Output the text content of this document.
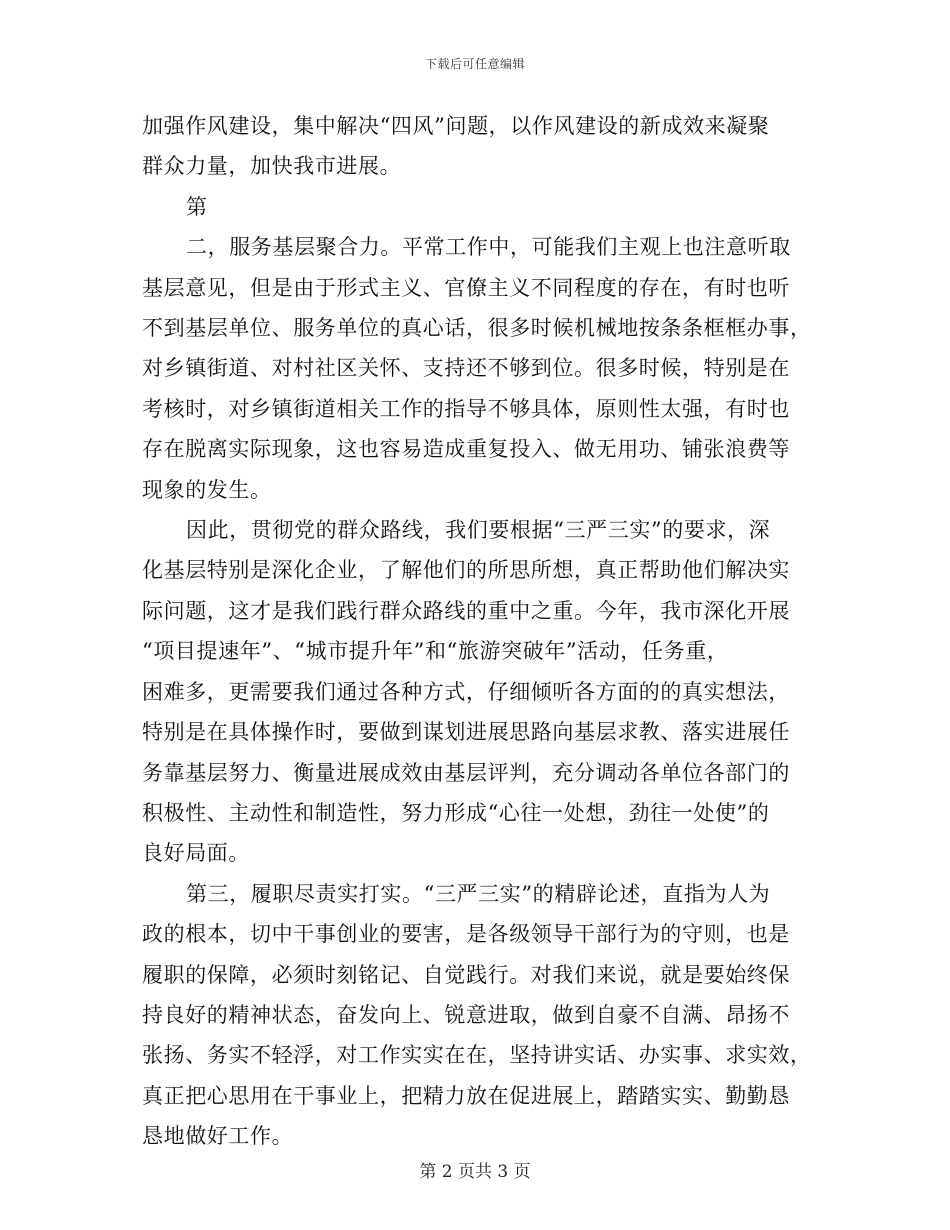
下载后可任意编辑

加强作风建设，集中解决“四风”问题，以作风建设的新成效来凝聚
群众力量，加快我市进展。

第

二，服务基层聚合力。平常工作中，可能我们主观上也注意听取
基层意见，但是由于形式主义、官僚主义不同程度的存在，有时也听
不到基层单位、服务单位的真心话，很多时候机械地按条条框框办事，
对乡镇街道、对村社区关怀、支持还不够到位。很多时候，特别是在
考核时，对乡镇街道相关工作的指导不够具体，原则性太强，有时也
存在脱离实际现象，这也容易造成重复投入、做无用功、铺张浪费等
现象的发生。

因此，贯彻党的群众路线，我们要根据“三严三实”的要求，深
化基层特别是深化企业，了解他们的所思所想，真正帮助他们解决实
际问题，这才是我们践行群众路线的重中之重。今年，我市深化开展
“项目提速年”、“城市提升年”和“旅游突破年”活动，任务重，
困难多，更需要我们通过各种方式，仔细倾听各方面的的真实想法，
特别是在具体操作时，要做到谋划进展思路向基层求教、落实进展任
务靠基层努力、衡量进展成效由基层评判，充分调动各单位各部门的
积极性、主动性和制造性，努力形成“心往一处想，劲往一处使”的
良好局面。

第三，履职尽责实打实。“三严三实”的精辟论述，直指为人为
政的根本，切中干事创业的要害，是各级领导干部行为的守则，也是
履职的保障，必须时刻铭记、自觉践行。对我们来说，就是要始终保
持良好的精神状态，奋发向上、锐意进取，做到自豪不自满、昂扬不
张扬、务实不轻浮，对工作实实在在，坚持讲实话、办实事、求实效，
真正把心思用在干事业上，把精力放在促进展上，踏踏实实、勤勤恳
恳地做好工作。

第 2 页共 3 页
